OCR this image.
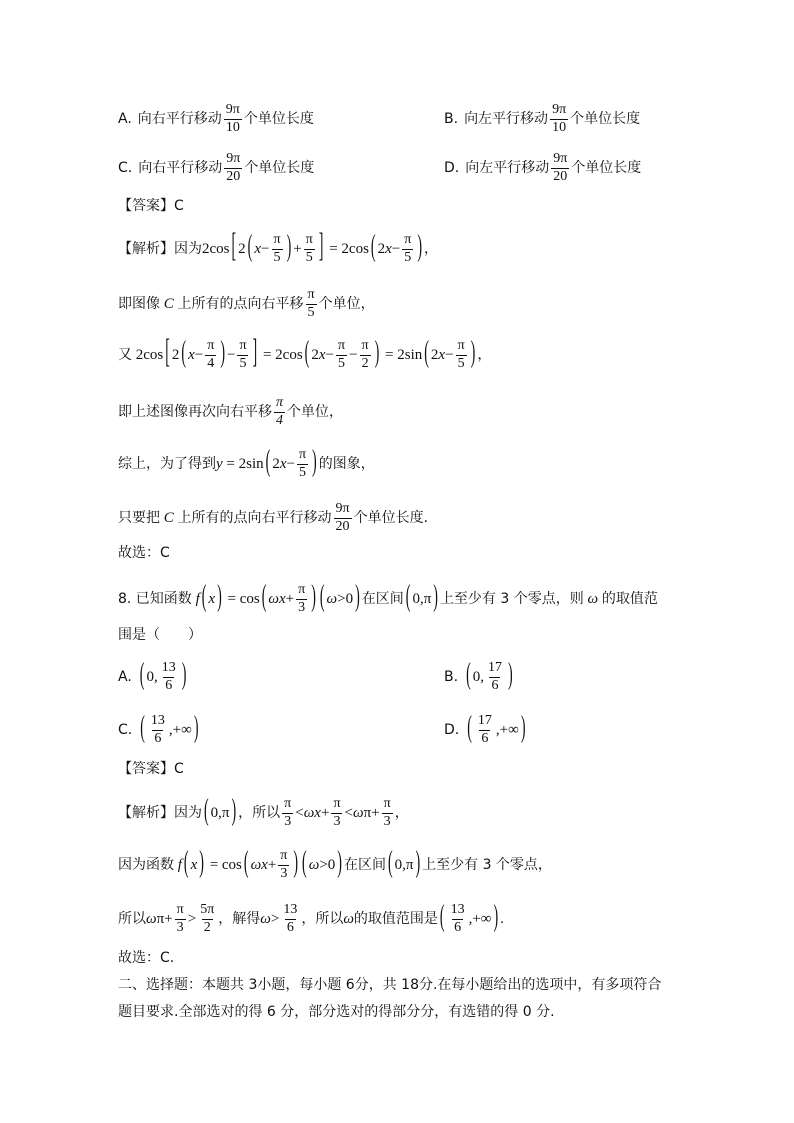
A. 向右平行移动 $\frac{9\pi}{10}$ 个单位长度	B. 向左平行移动 $\frac{9\pi}{10}$ 个单位长度
C. 向右平行移动 $\frac{9\pi}{20}$ 个单位长度	D. 向左平行移动 $\frac{9\pi}{20}$ 个单位长度
【答案】C
【解析】因为 2cos [ 2 ( $x - \frac{\pi}{5}$ ) + $\frac{\pi}{5}$ ] = 2cos ( 2 $x - \frac{\pi}{5}$ ) ，
即图像 C 上所有的点向右平移 $\frac{\pi}{5}$ 个单位，
又 2cos [ 2 ( $x - \frac{\pi}{4}$ ) − $\frac{\pi}{5}$ ] = 2cos ( 2 $x - \frac{\pi}{5} - \frac{\pi}{2}$ ) = 2sin ( 2 $x - \frac{\pi}{5}$ ) ，
即上述图像再次向右平移 $\frac{\pi}{4}$ 个单位，
综上，为了得到 y = 2sin ( 2 $x - \frac{\pi}{5}$ ) 的图象，
只要把 C 上所有的点向右平行移动 $\frac{9\pi}{20}$ 个单位长度.
故选：C
8. 已知函数 f ( x ) = cos ( $\omega x + \frac{\pi}{3}$ ) ( ω >0 ) 在区间 ( 0,π ) 上至少有 3 个零点，则 ω 的取值范
围是（　　）
A. ( 0, $\frac{13}{6}$ )	B. ( 0, $\frac{17}{6}$ )
C. ( $\frac{13}{6}$ ,+∞ )	D. ( $\frac{17}{6}$ ,+∞ )
【答案】C
【解析】因为 ( 0,π ) ，所以 $\frac{\pi}{3} < \omega x + \frac{\pi}{3} < \omega$ $\pi+ \frac{\pi}{3}$ ，
因为函数 f ( x ) = cos ( $\omega x + \frac{\pi}{3}$ ) ( ω >0 ) 在区间 ( 0,π ) 上至少有 3 个零点，
所以 ω $\pi+ \frac{\pi}{3} > \frac{5\pi}{2}$ ，解得 $\omega > \frac{13}{6}$ ，所以 ω 的取值范围是 ( $\frac{13}{6}$ ,+∞ ) .
故选：C.
二、选择题：本题共 3小题，每小题 6分，共 18分.在每小题给出的选项中，有多项符合
题目要求.全部选对的得 6 分，部分选对的得部分分，有选错的得 0 分.
